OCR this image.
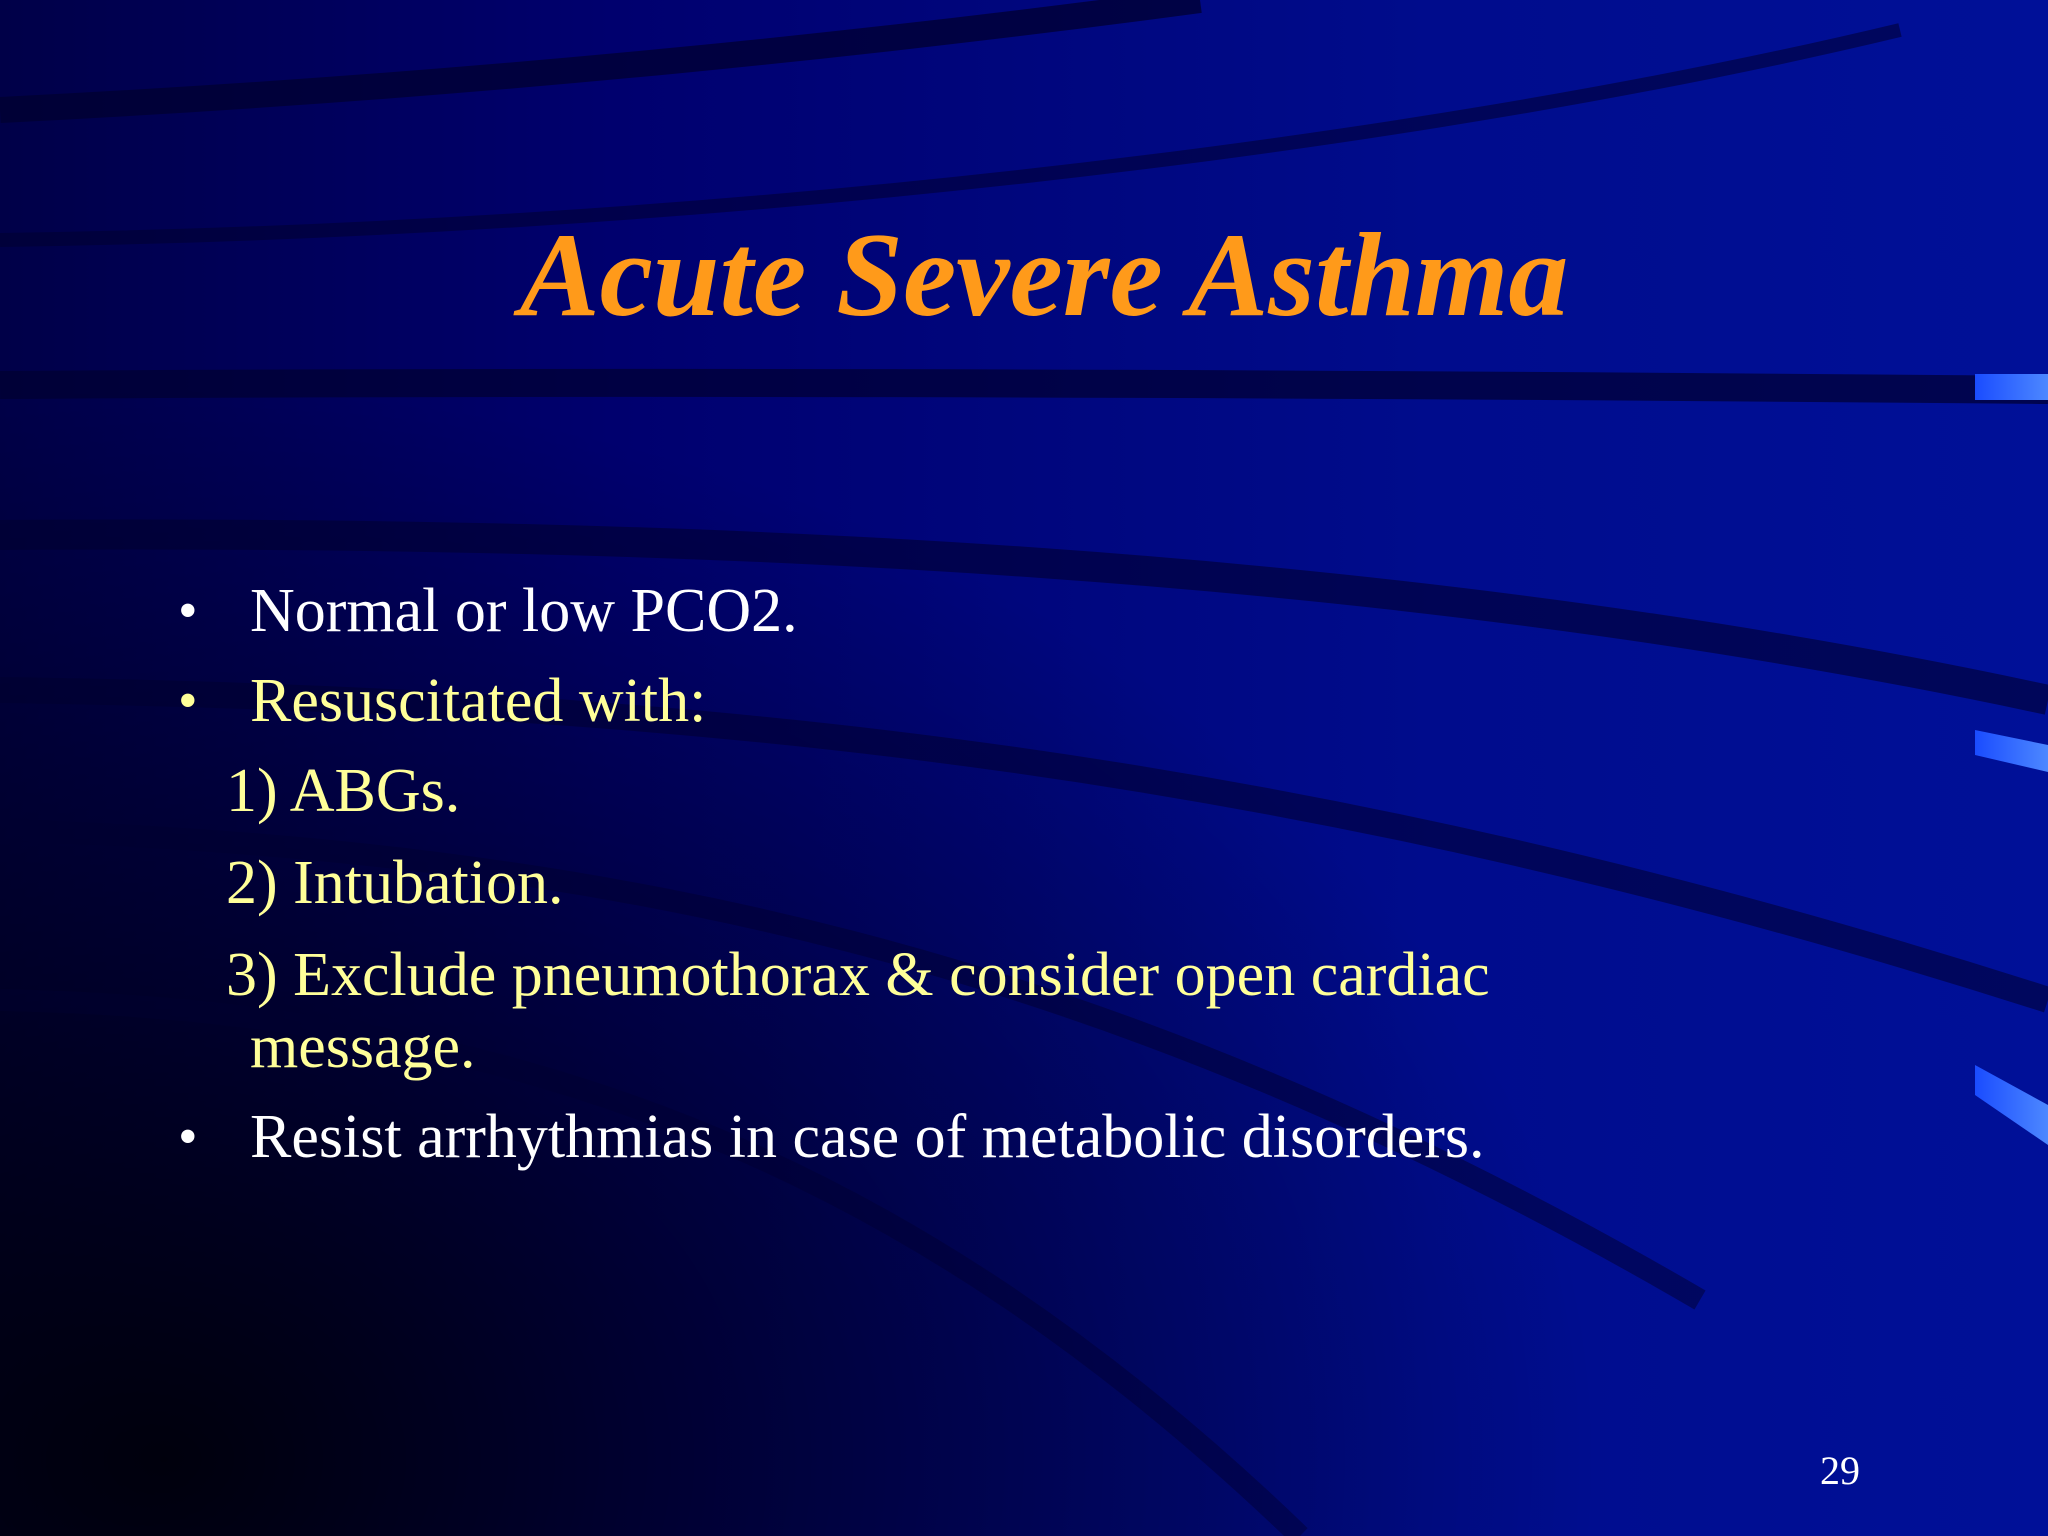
Acute Severe Asthma
• Normal or low PCO2.
• Resuscitated with:
1) ABGs.
2) Intubation.
3) Exclude pneumothorax & consider open cardiac
message.
• Resist arrhythmias in case of metabolic disorders.
29
